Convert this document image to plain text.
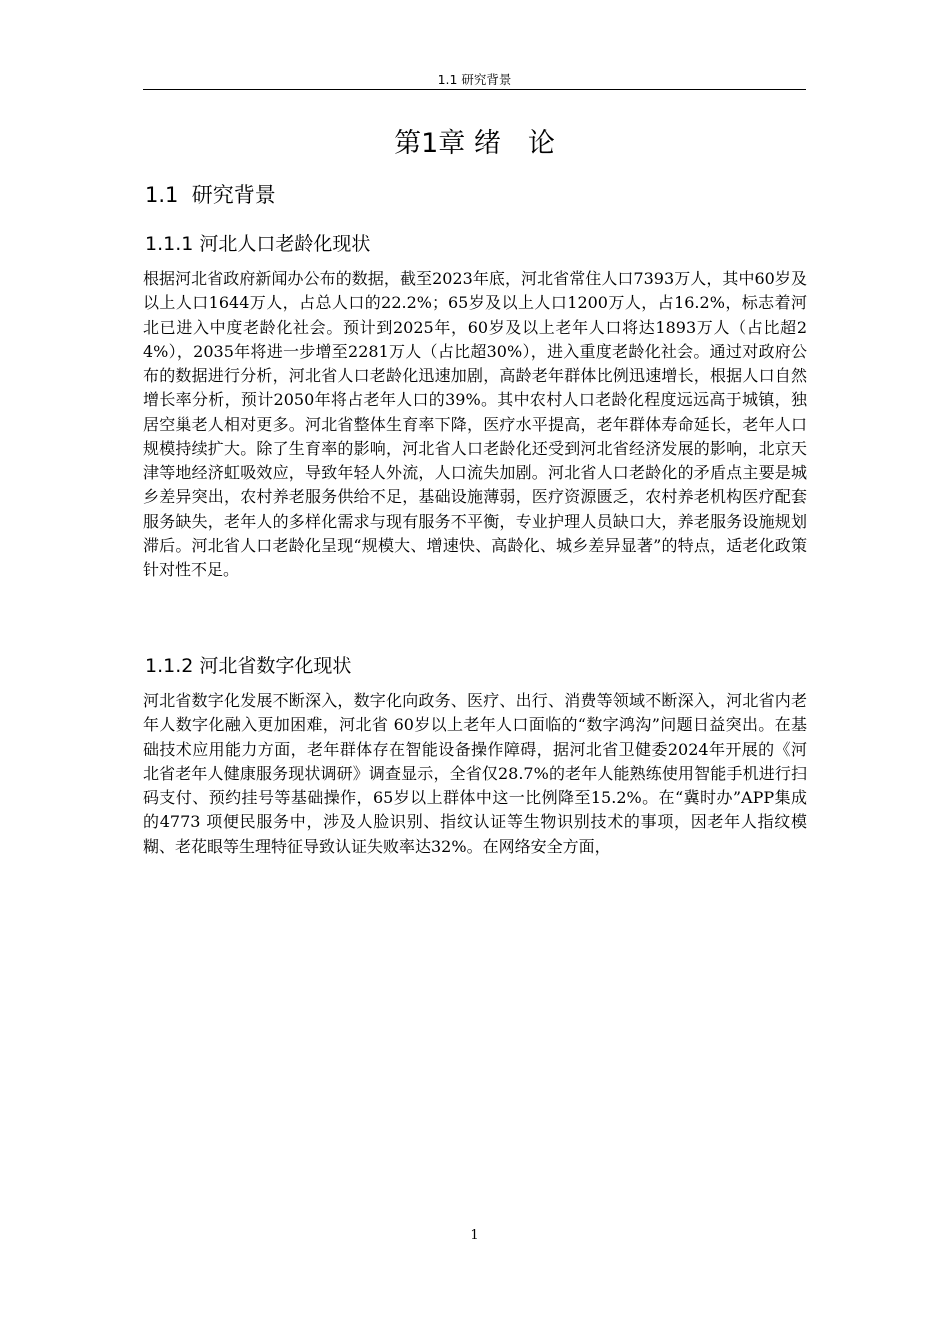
1.1 研究背景
第1章 绪　论
1.1  研究背景
1.1.1 河北人口老龄化现状

根据河北省政府新闻办公布的数据，截至2023年底，河北省常住人口7393万人，其中60岁及以上人口1644万人，占总人口的22.2%；65岁及以上人口1200万人，占16.2%，标志着河北已进入中度老龄化社会。预计到2025年，60岁及以上老年人口将达1893万人（占比超24%），2035年将进一步增至2281万人（占比超30%），进入重度老龄化社会。通过对政府公布的数据进行分析，河北省人口老龄化迅速加剧，高龄老年群体比例迅速增长，根据人口自然增长率分析，预计2050年将占老年人口的39%。其中农村人口老龄化程度远远高于城镇，独居空巢老人相对更多。河北省整体生育率下降，医疗水平提高，老年群体寿命延长，老年人口规模持续扩大。除了生育率的影响，河北省人口老龄化还受到河北省经济发展的影响，北京天津等地经济虹吸效应，导致年轻人外流，人口流失加剧。河北省人口老龄化的矛盾点主要是城乡差异突出，农村养老服务供给不足，基础设施薄弱，医疗资源匮乏，农村养老机构医疗配套服务缺失，老年人的多样化需求与现有服务不平衡，专业护理人员缺口大，养老服务设施规划滞后。河北省人口老龄化呈现“规模大、增速快、高龄化、城乡差异显著”的特点，适老化政策针对性不足。

1.1.2 河北省数字化现状

河北省数字化发展不断深入，数字化向政务、医疗、出行、消费等领域不断深入，河北省内老年人数字化融入更加困难，河北省 60岁以上老年人口面临的“数字鸿沟”问题日益突出。在基础技术应用能力方面，老年群体存在智能设备操作障碍，据河北省卫健委2024年开展的《河北省老年人健康服务现状调研》调查显示，全省仅28.7%的老年人能熟练使用智能手机进行扫码支付、预约挂号等基础操作，65岁以上群体中这一比例降至15.2%。在“冀时办”APP集成的4773 项便民服务中，涉及人脸识别、指纹认证等生物识别技术的事项，因老年人指纹模糊、老花眼等生理特征导致认证失败率达32%。在网络安全方面，

1
